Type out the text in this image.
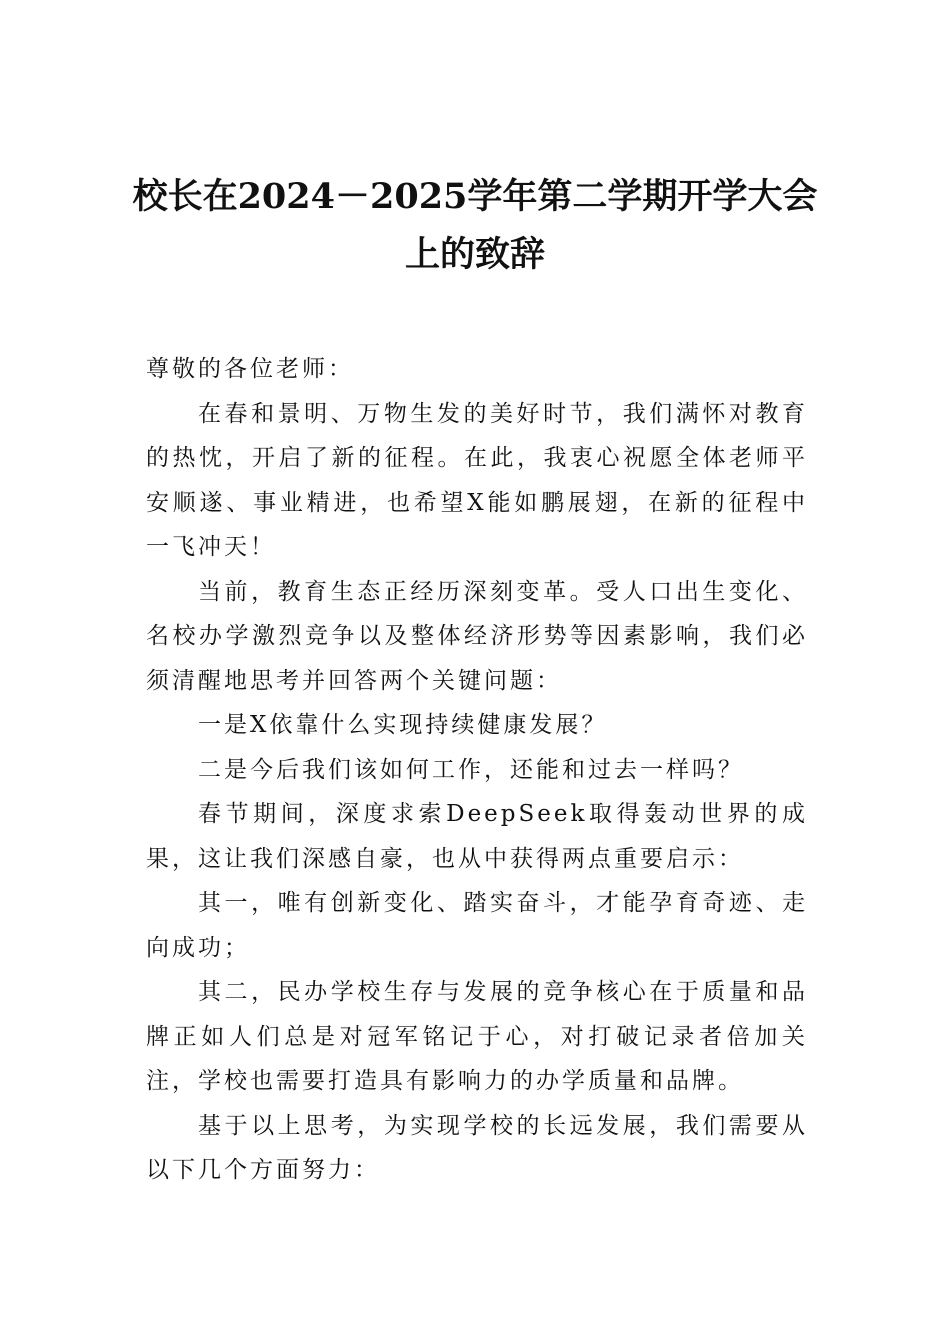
校长在2024－2025学年第二学期开学大会
上的致辞

尊敬的各位老师：

在春和景明、万物生发的美好时节，我们满怀对教育的热忱，开启了新的征程。在此，我衷心祝愿全体老师平安顺遂、事业精进，也希望X能如鹏展翅，在新的征程中一飞冲天！

当前，教育生态正经历深刻变革。受人口出生变化、名校办学激烈竞争以及整体经济形势等因素影响，我们必须清醒地思考并回答两个关键问题：

一是X依靠什么实现持续健康发展？

二是今后我们该如何工作，还能和过去一样吗？

春节期间，深度求索DeepSeek取得轰动世界的成果，这让我们深感自豪，也从中获得两点重要启示：

其一，唯有创新变化、踏实奋斗，才能孕育奇迹、走向成功；

其二，民办学校生存与发展的竞争核心在于质量和品牌正如人们总是对冠军铭记于心，对打破记录者倍加关注，学校也需要打造具有影响力的办学质量和品牌。

基于以上思考，为实现学校的长远发展，我们需要从以下几个方面努力：
